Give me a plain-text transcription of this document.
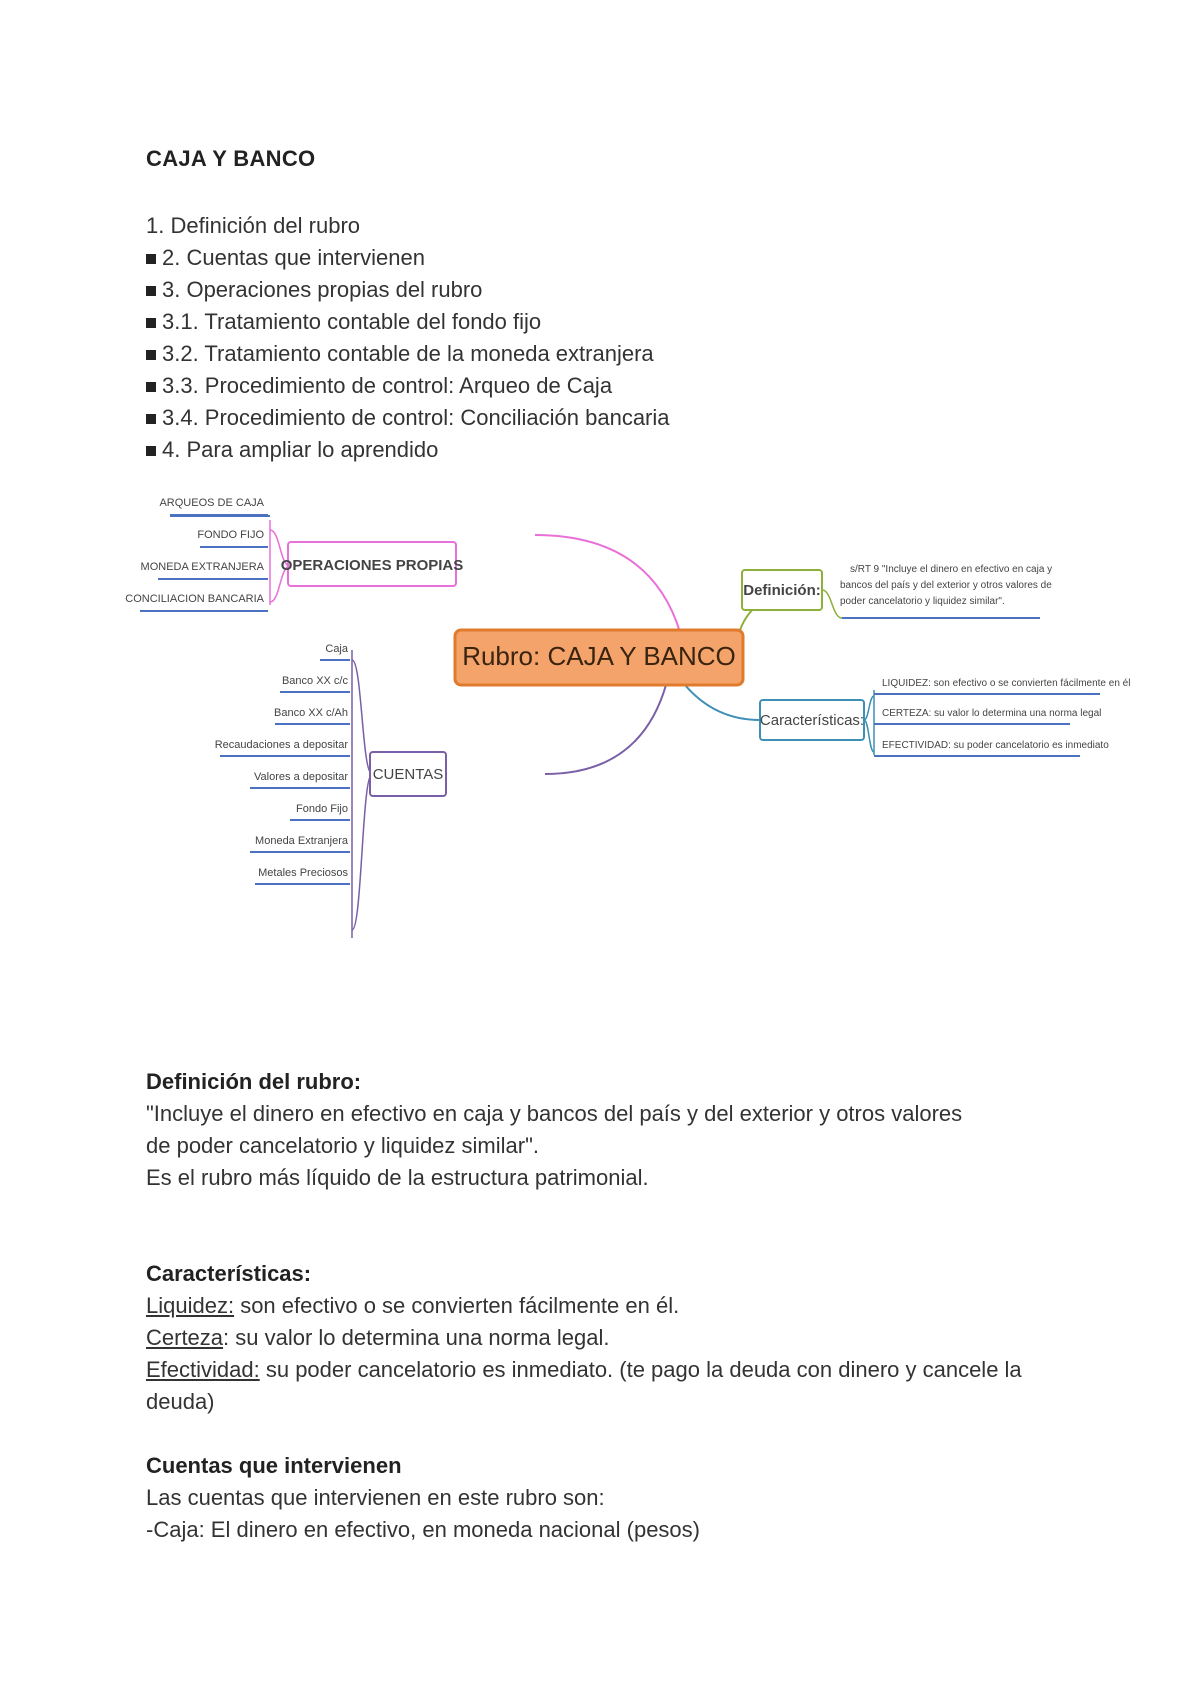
CAJA Y BANCO
1. Definición del rubro
2. Cuentas que intervienen
3. Operaciones propias del rubro
3.1. Tratamiento contable del fondo fijo
3.2. Tratamiento contable de la moneda extranjera
3.3. Procedimiento de control: Arqueo de Caja
3.4. Procedimiento de control: Conciliación bancaria
4. Para ampliar lo aprendido
Rubro: CAJA Y BANCO
OPERACIONES PROPIAS
ARQUEOS DE CAJA
FONDO FIJO
MONEDA EXTRANJERA
CONCILIACION BANCARIA
CUENTAS
Caja
Banco XX c/c
Banco XX c/Ah
Recaudaciones a depositar
Valores a depositar
Fondo Fijo
Moneda Extranjera
Metales Preciosos
Definición:
s/RT 9 "Incluye el dinero en efectivo en caja y
bancos del país y del exterior y otros valores de
poder cancelatorio y liquidez similar".
Características:
LIQUIDEZ: son efectivo o se convierten fácilmente en él
CERTEZA: su valor lo determina una norma legal
EFECTIVIDAD: su poder cancelatorio es inmediato
Definición del rubro:

"Incluye el dinero en efectivo en caja y bancos del país y del exterior y otros valores

de poder cancelatorio y liquidez similar".

Es el rubro más líquido de la estructura patrimonial.

Características:

Liquidez: son efectivo o se convierten fácilmente en él.

Certeza: su valor lo determina una norma legal.

Efectividad: su poder cancelatorio es inmediato. (te pago la deuda con dinero y cancele la deuda)

Cuentas que intervienen

Las cuentas que intervienen en este rubro son:

-Caja: El dinero en efectivo, en moneda nacional (pesos)
